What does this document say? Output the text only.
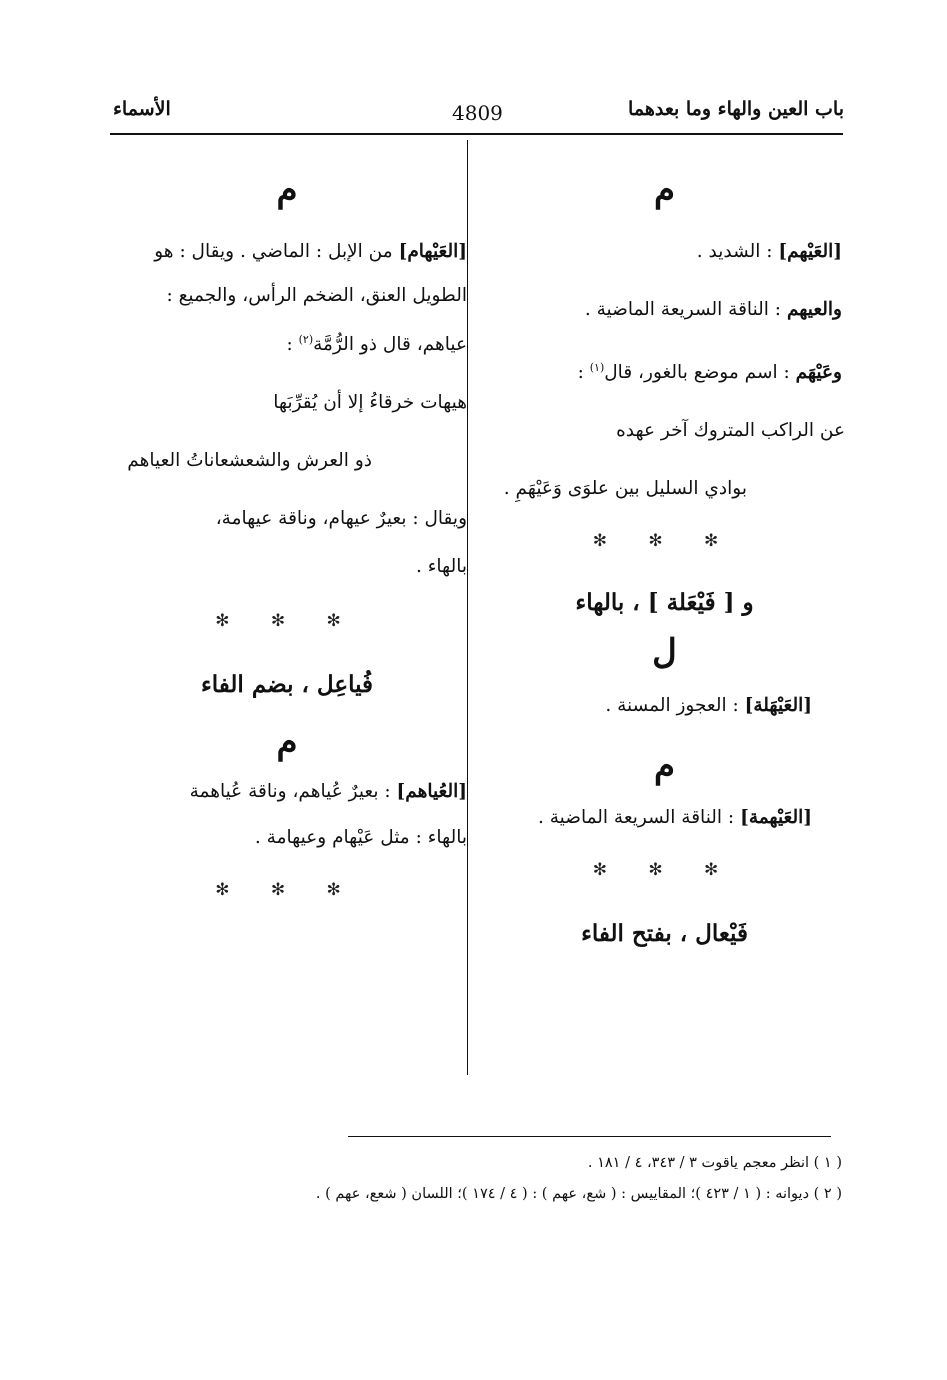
باب العين والهاء وما بعدهما
4809
الأسماء
م
[العَيْهم] : الشديد .
والعيهم : الناقة السريعة الماضية .
وعَيْهَم : اسم موضع بالغور، قال$^{(١)}$ :
عن الراكب المتروك آخر عهده
بوادي السليل بين علوَى وَعَيْهَمِ .
✻ ✻ ✻
و [ فَيْعَلة ] ، بالهاء
ل
[العَيْهَلة] : العجوز المسنة .
م
[العَيْهمة] : الناقة السريعة الماضية .
✻ ✻ ✻
فَيْعال ، بفتح الفاء
م
[العَيْهام] من الإبل : الماضي . ويقال : هو
الطويل العنق، الضخم الرأس، والجميع :
عياهم، قال ذو الرُّمَّة$^{(٢)}$ :
هيهات خرقاءُ إلا أن يُقرِّبَها
ذو العرش والشعشعاناتُ العياهم
ويقال : بعيرٌ عيهام، وناقة عيهامة،
بالهاء .
✻ ✻ ✻
فُياعِل ، بضم الفاء
م
[العُياهم] : بعيرٌ عُياهم، وناقة عُياهمة
بالهاء : مثل عَيْهام وعيهامة .
✻ ✻ ✻
( ١ ) انظر معجم ياقوت ٣ / ٣٤٣، ٤ / ١٨١ .
( ٢ ) ديوانه : ( ١ / ٤٢٣ )؛ المقاييس : ( شع، عهم ) : ( ٤ / ١٧٤ )؛ اللسان ( شعع، عهم ) .
